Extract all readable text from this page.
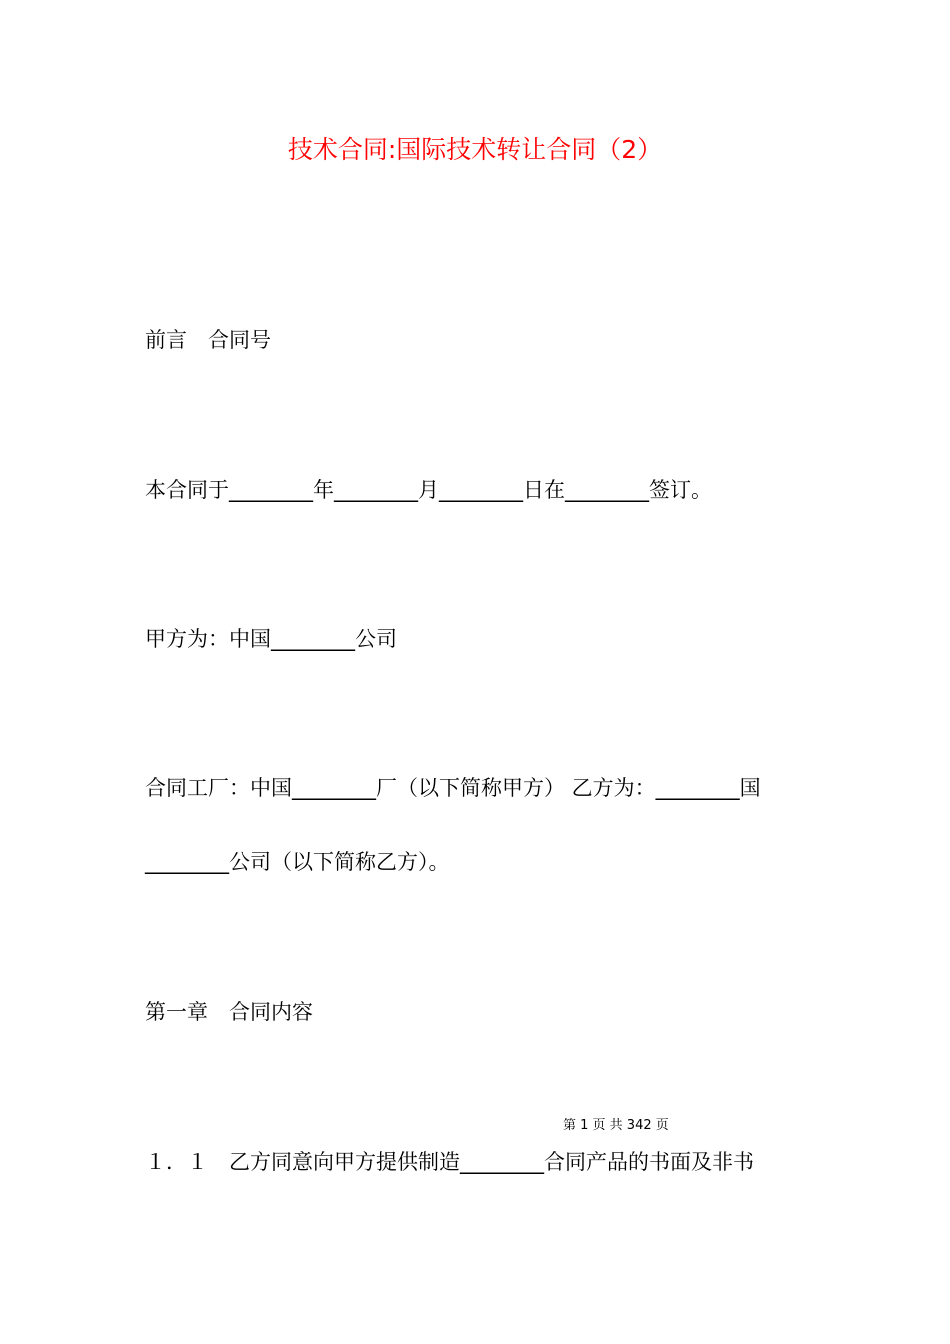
技术合同:国际技术转让合同（2）
前言　合同号
本合同于________年________月________日在________签订。
甲方为：中国________公司
合同工厂：中国________厂（以下简称甲方） 乙方为：________国
________公司（以下简称乙方）。
第一章　合同内容
第 1 页 共 342 页
１．１　乙方同意向甲方提供制造________合同产品的书面及非书
